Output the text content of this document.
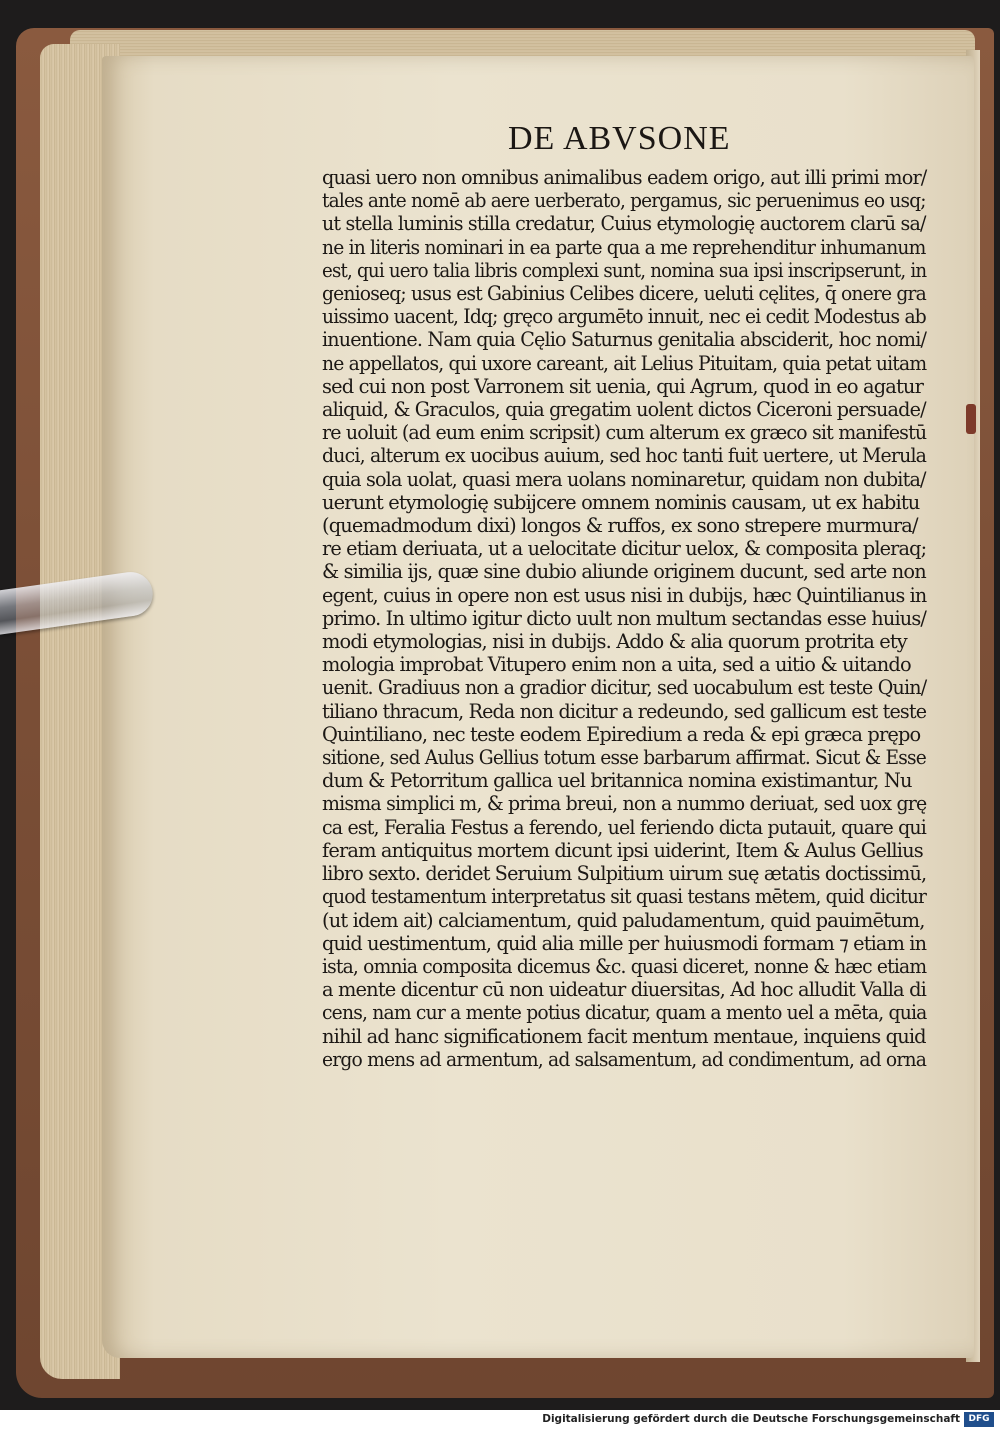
DE ABVSONE
quasi uero non omnibus animalibus eadem origo, aut illi primi mor/
tales ante nomē ab aere uerberato, pergamus, sic peruenimus eo usq;
ut stella luminis stilla credatur, Cuius etymologię auctorem clarū sa/
ne in literis nominari in ea parte qua a me reprehenditur inhumanum
est, qui uero talia libris complexi sunt, nomina sua ipsi inscripserunt, in
genioseq; usus est Gabinius Celibes dicere, ueluti cęlites, q̄ onere gra
uissimo uacent, Idq; gręco argumēto innuit, nec ei cedit Modestus ab
inuentione. Nam quia Cęlio Saturnus genitalia absciderit, hoc nomi/
ne appellatos, qui uxore careant, ait Lelius Pituitam, quia petat uitam
sed cui non post Varronem sit uenia, qui Agrum, quod in eo agatur
aliquid, & Graculos, quia gregatim uolent dictos Ciceroni persuade/
re uoluit (ad eum enim scripsit) cum alterum ex græco sit manifestū
duci, alterum ex uocibus auium, sed hoc tanti fuit uertere, ut Merula
quia sola uolat, quasi mera uolans nominaretur, quidam non dubita/
uerunt etymologię subijcere omnem nominis causam, ut ex habitu
(quemadmodum dixi) longos & ruffos, ex sono strepere murmura/
re etiam deriuata, ut a uelocitate dicitur uelox, & composita pleraq;
& similia ijs, quæ sine dubio aliunde originem ducunt, sed arte non
egent, cuius in opere non est usus nisi in dubijs, hæc Quintilianus in
primo. In ultimo igitur dicto uult non multum sectandas esse huius/
modi etymologias, nisi in dubijs. Addo & alia quorum protrita ety
mologia improbat Vitupero enim non a uita, sed a uitio & uitando
uenit. Gradiuus non a gradior dicitur, sed uocabulum est teste Quin/
tiliano thracum, Reda non dicitur a redeundo, sed gallicum est teste
Quintiliano, nec teste eodem Epiredium a reda & epi græca prępo
sitione, sed Aulus Gellius totum esse barbarum affirmat. Sicut & Esse
dum & Petorritum gallica uel britannica nomina existimantur, Nu
misma simplici m, & prima breui, non a nummo deriuat, sed uox grę
ca est, Feralia Festus a ferendo, uel feriendo dicta putauit, quare qui
feram antiquitus mortem dicunt ipsi uiderint, Item & Aulus Gellius
libro sexto. deridet Seruium Sulpitium uirum suę ætatis doctissimū,
quod testamentum interpretatus sit quasi testans mētem, quid dicitur
(ut idem ait) calciamentum, quid paludamentum, quid pauimētum,
quid uestimentum, quid alia mille per huiusmodi formam ⁊ etiam in
ista, omnia composita dicemus &c. quasi diceret, nonne & hæc etiam
a mente dicentur cū non uideatur diuersitas, Ad hoc alludit Valla di
cens, nam cur a mente potius dicatur, quam a mento uel a mēta, quia
nihil ad hanc significationem facit mentum mentaue, inquiens quid
ergo mens ad armentum, ad salsamentum, ad condimentum, ad orna
Digitalisierung gefördert durch die Deutsche Forschungsgemeinschaft DFG
